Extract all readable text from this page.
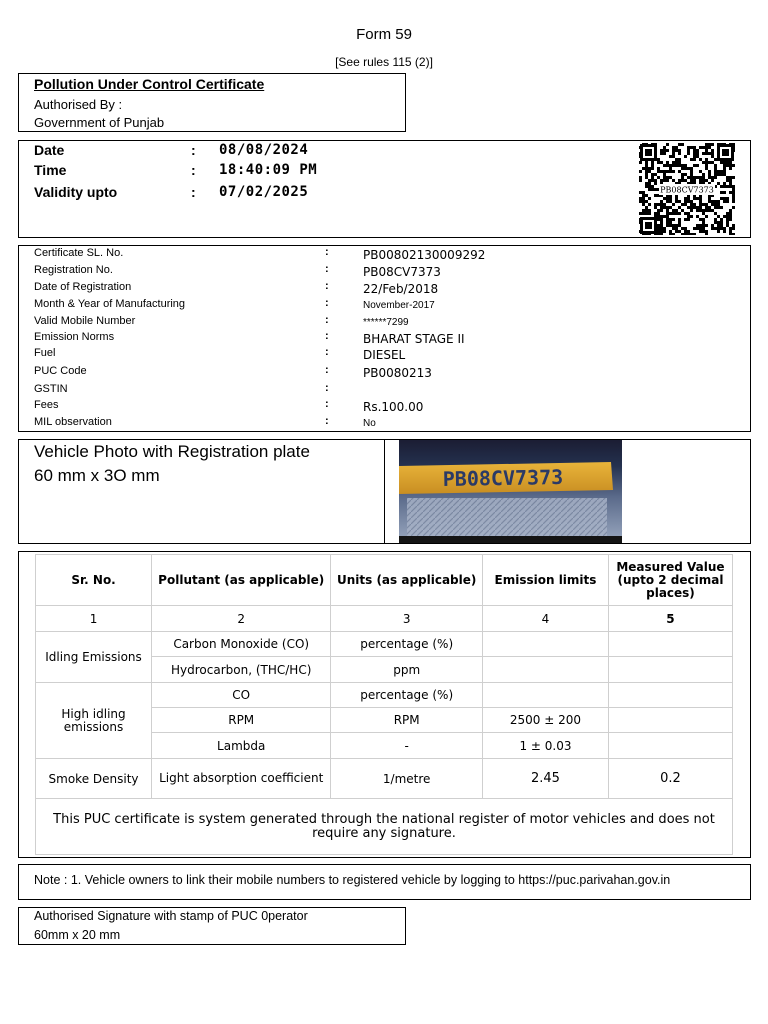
Form 59
[See rules 115 (2)]
Pollution Under Control Certificate
Authorised By :
Government of Punjab
Date	: 08/08/2024
Time	: 18:40:09 PM
Validity upto	: 07/02/2025	PB08CV7373
Certificate SL. No.	:	PB00802130009292
Registration No.	:	PB08CV7373
Date of Registration	:	22/Feb/2018
Month & Year of Manufacturing	:	November-2017
Valid Mobile Number	:	******7299
Emission Norms	:	BHARAT STAGE II
Fuel	:	DIESEL
PUC Code	:	PB0080213
GSTIN	:
Fees	:	Rs.100.00
MIL observation	:	No
Vehicle Photo with Registration plate
60 mm x 3O mm	PB08CV7373
Sr. No.	Pollutant (as applicable)	Units (as applicable)	Emission limits	Measured Value (upto 2 decimal places)
1	2	3	4	5
Idling Emissions	Carbon Monoxide (CO)	percentage (%)		
	Hydrocarbon, (THC/HC)	ppm		
High idling emissions	CO	percentage (%)		
	RPM	RPM	2500 ± 200	
	Lambda	-	1 ± 0.03	
Smoke Density	Light absorption coefficient	1/metre	2.45	0.2
This PUC certificate is system generated through the national register of motor vehicles and does not require any signature.				
Note : 1. Vehicle owners to link their mobile numbers to registered vehicle by logging to https://puc.parivahan.gov.in
Authorised Signature with stamp of PUC 0perator
60mm x 20 mm
